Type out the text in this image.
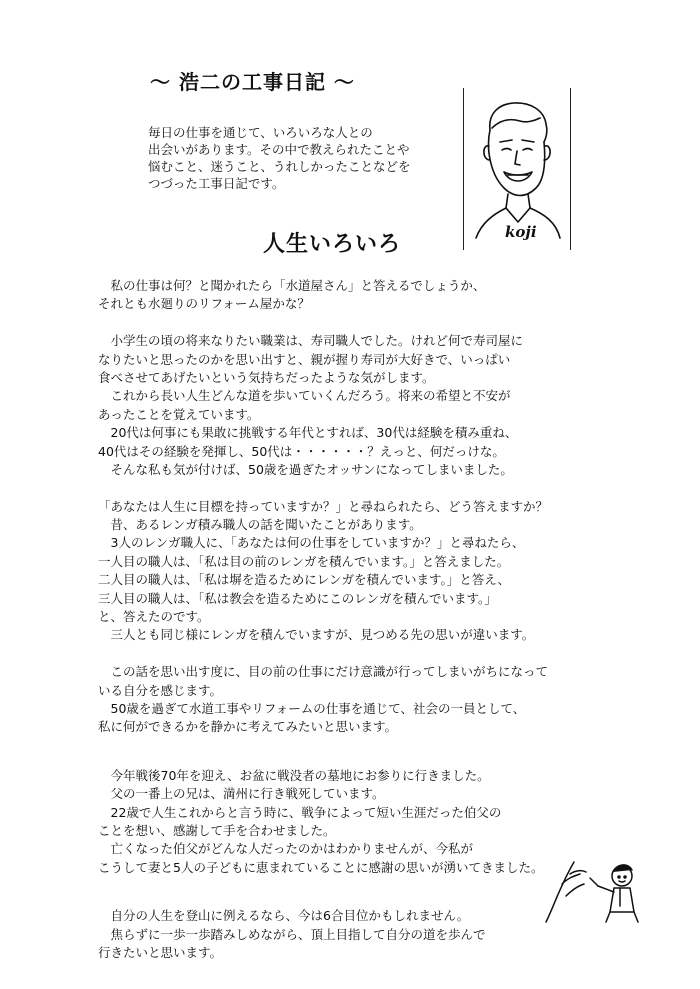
～ 浩二の工事日記 ～
毎日の仕事を通じて、いろいろな人との
出会いがあります。その中で教えられたことや
悩むこと、迷うこと、うれしかったことなどを
つづった工事日記です。
koji
人生いろいろ
　私の仕事は何？と聞かれたら「水道屋さん」と答えるでしょうか、
それとも水廻りのリフォーム屋かな？
　小学生の頃の将来なりたい職業は、寿司職人でした。けれど何で寿司屋に
なりたいと思ったのかを思い出すと、親が握り寿司が大好きで、いっぱい
食べさせてあげたいという気持ちだったような気がします。
　これから長い人生どんな道を歩いていくんだろう。将来の希望と不安が
あったことを覚えています。
　20代は何事にも果敢に挑戦する年代とすれば、30代は経験を積み重ね、
40代はその経験を発揮し、50代は・・・・・・？えっと、何だっけな。
　そんな私も気が付けば、50歳を過ぎたオッサンになってしまいました。
「あなたは人生に目標を持っていますか？」と尋ねられたら、どう答えますか？
　昔、あるレンガ積み職人の話を聞いたことがあります。
　3人のレンガ職人に、「あなたは何の仕事をしていますか？」と尋ねたら、
一人目の職人は、「私は目の前のレンガを積んでいます。」と答えました。
二人目の職人は、「私は塀を造るためにレンガを積んでいます。」と答え、
三人目の職人は、「私は教会を造るためにこのレンガを積んでいます。」
と、答えたのです。
　三人とも同じ様にレンガを積んでいますが、見つめる先の思いが違います。
　この話を思い出す度に、目の前の仕事にだけ意識が行ってしまいがちになって
いる自分を感じます。
　50歳を過ぎて水道工事やリフォームの仕事を通じて、社会の一員として、
私に何ができるかを静かに考えてみたいと思います。
　今年戦後70年を迎え、お盆に戦没者の墓地にお参りに行きました。
　父の一番上の兄は、満州に行き戦死しています。
　22歳で人生これからと言う時に、戦争によって短い生涯だった伯父の
ことを想い、感謝して手を合わせました。
　亡くなった伯父がどんな人だったのかはわかりませんが、今私が
こうして妻と5人の子どもに恵まれていることに感謝の思いが湧いてきました。
　自分の人生を登山に例えるなら、今は6合目位かもしれません。
　焦らずに一歩一歩踏みしめながら、頂上目指して自分の道を歩んで
行きたいと思います。
